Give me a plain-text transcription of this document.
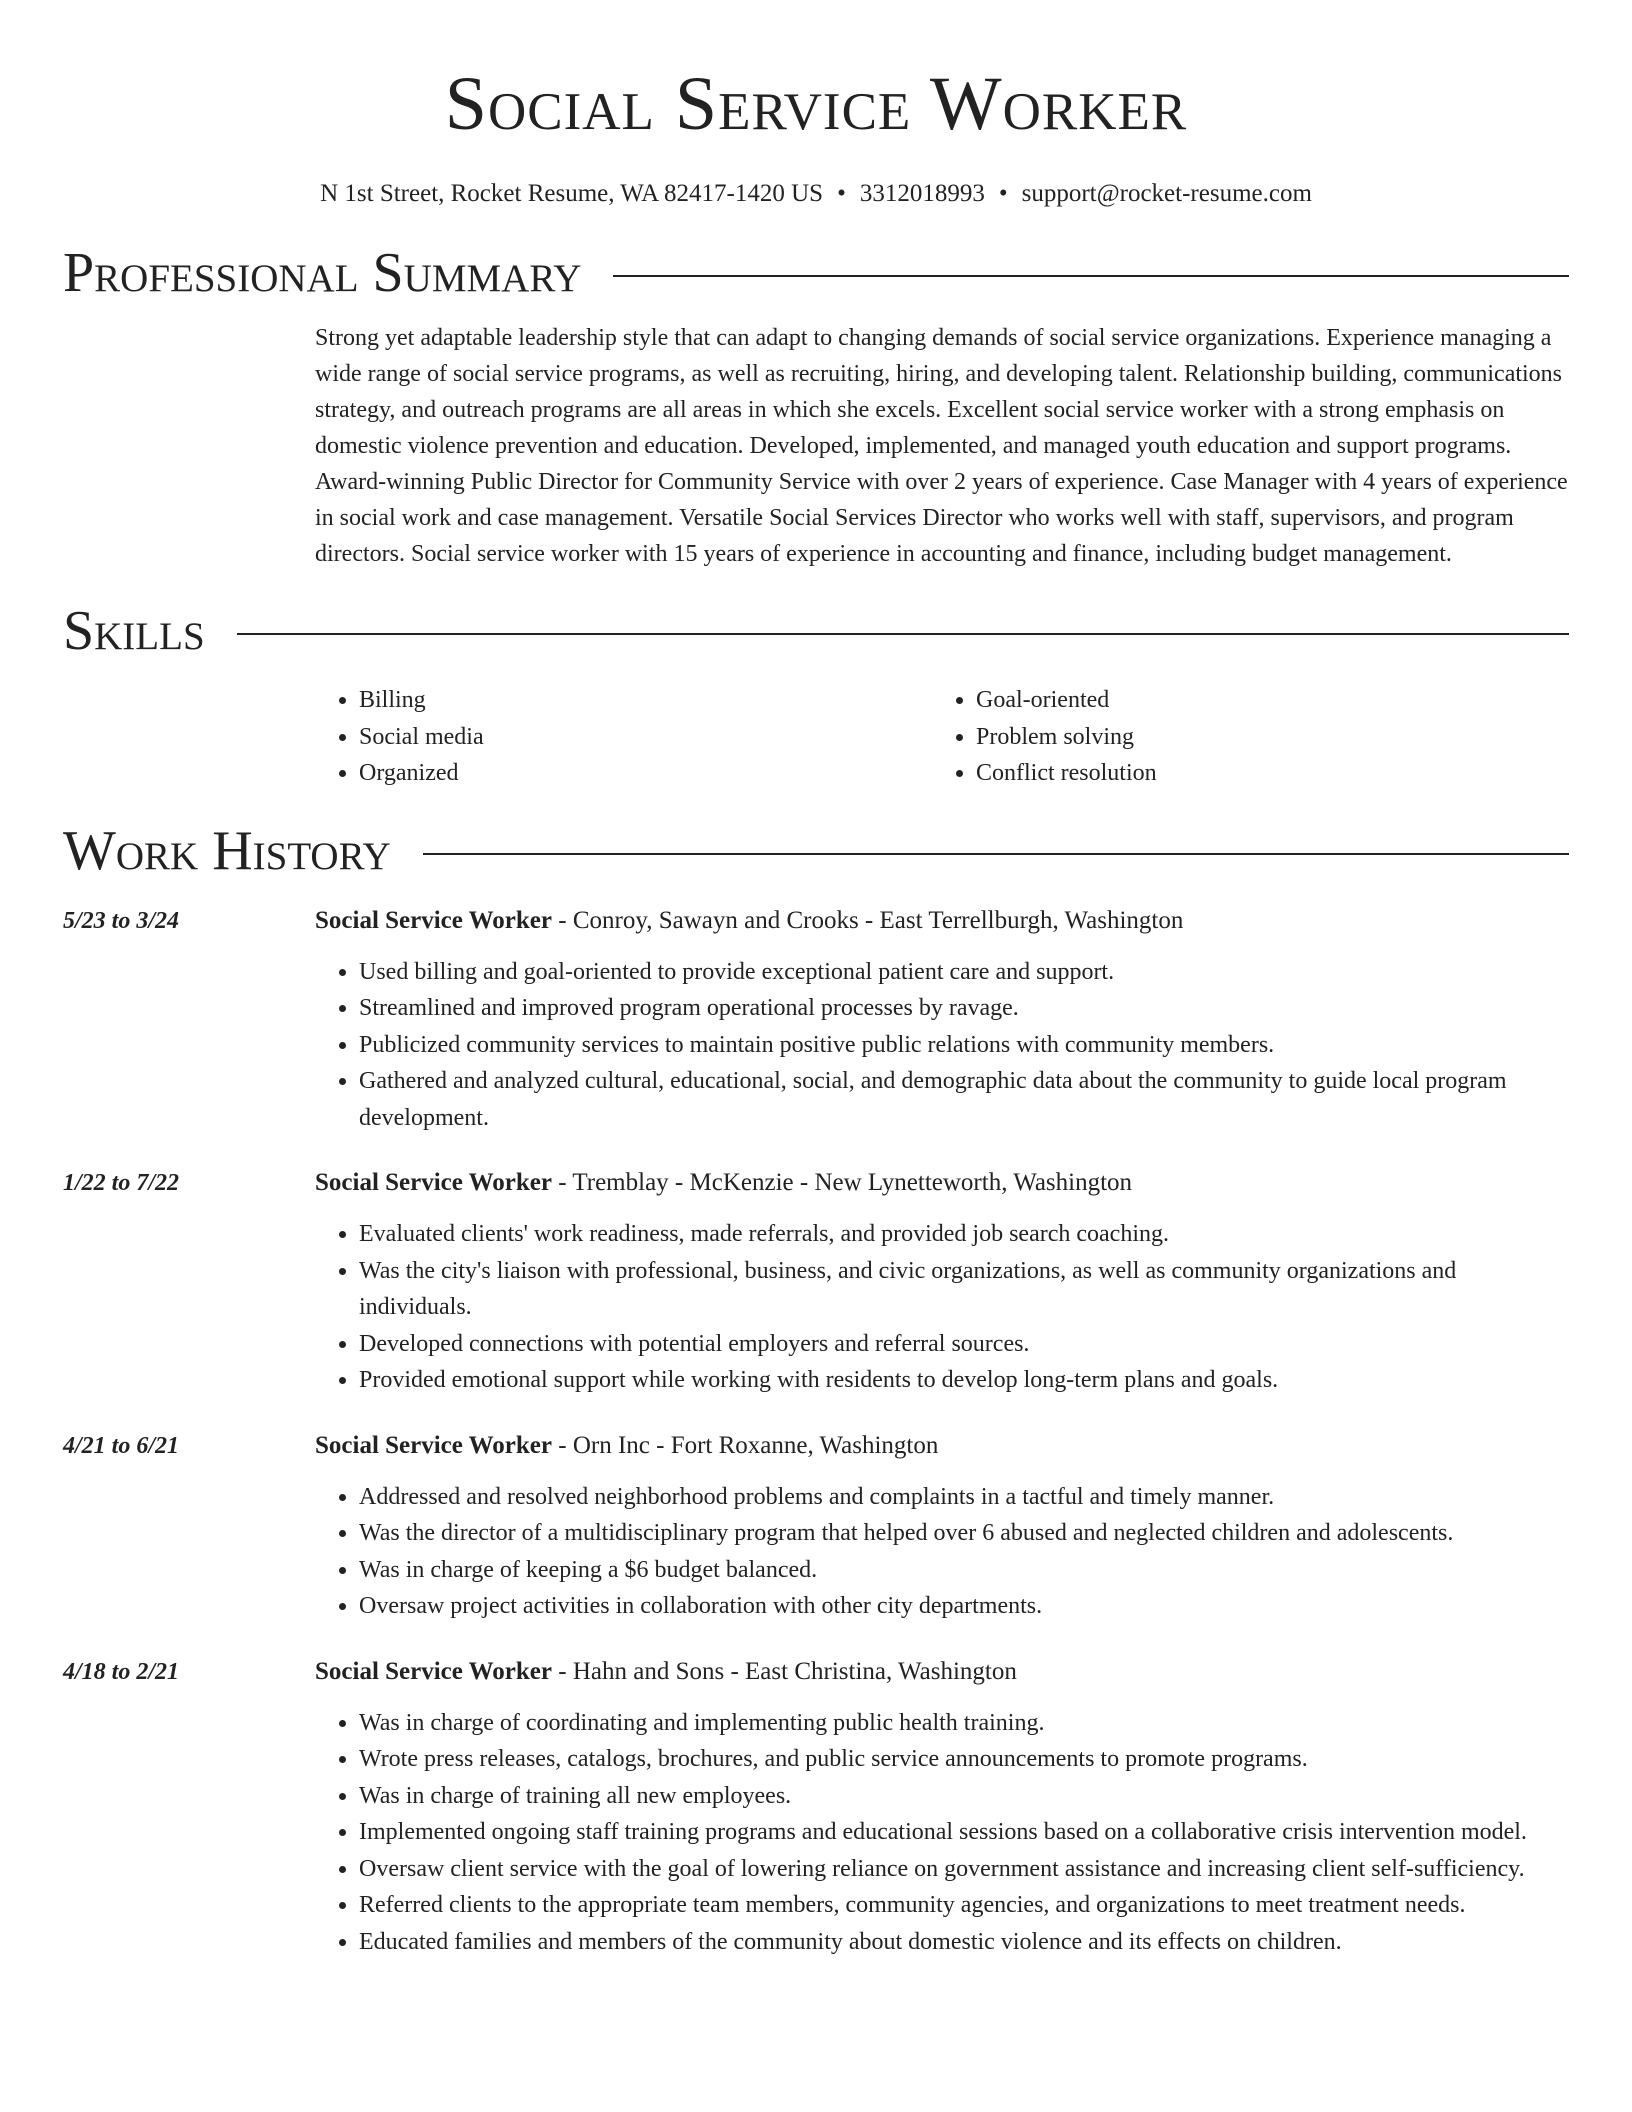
Social Service Worker
N 1st Street, Rocket Resume, WA 82417-1420 US • 3312018993 • support@rocket-resume.com
Professional Summary
Strong yet adaptable leadership style that can adapt to changing demands of social service organizations. Experience managing a wide range of social service programs, as well as recruiting, hiring, and developing talent. Relationship building, communications strategy, and outreach programs are all areas in which she excels. Excellent social service worker with a strong emphasis on domestic violence prevention and education. Developed, implemented, and managed youth education and support programs. Award-winning Public Director for Community Service with over 2 years of experience. Case Manager with 4 years of experience in social work and case management. Versatile Social Services Director who works well with staff, supervisors, and program directors. Social service worker with 15 years of experience in accounting and finance, including budget management.
Skills
• Billing
• Social media
• Organized
• Goal-oriented
• Problem solving
• Conflict resolution
Work History
5/23 to 3/24	Social Service Worker - Conroy, Sawayn and Crooks - East Terrellburgh, Washington
• Used billing and goal-oriented to provide exceptional patient care and support.
• Streamlined and improved program operational processes by ravage.
• Publicized community services to maintain positive public relations with community members.
• Gathered and analyzed cultural, educational, social, and demographic data about the community to guide local program development.
1/22 to 7/22	Social Service Worker - Tremblay - McKenzie - New Lynetteworth, Washington
• Evaluated clients' work readiness, made referrals, and provided job search coaching.
• Was the city's liaison with professional, business, and civic organizations, as well as community organizations and individuals.
• Developed connections with potential employers and referral sources.
• Provided emotional support while working with residents to develop long-term plans and goals.
4/21 to 6/21	Social Service Worker - Orn Inc - Fort Roxanne, Washington
• Addressed and resolved neighborhood problems and complaints in a tactful and timely manner.
• Was the director of a multidisciplinary program that helped over 6 abused and neglected children and adolescents.
• Was in charge of keeping a $6 budget balanced.
• Oversaw project activities in collaboration with other city departments.
4/18 to 2/21	Social Service Worker - Hahn and Sons - East Christina, Washington
• Was in charge of coordinating and implementing public health training.
• Wrote press releases, catalogs, brochures, and public service announcements to promote programs.
• Was in charge of training all new employees.
• Implemented ongoing staff training programs and educational sessions based on a collaborative crisis intervention model.
• Oversaw client service with the goal of lowering reliance on government assistance and increasing client self-sufficiency.
• Referred clients to the appropriate team members, community agencies, and organizations to meet treatment needs.
• Educated families and members of the community about domestic violence and its effects on children.
